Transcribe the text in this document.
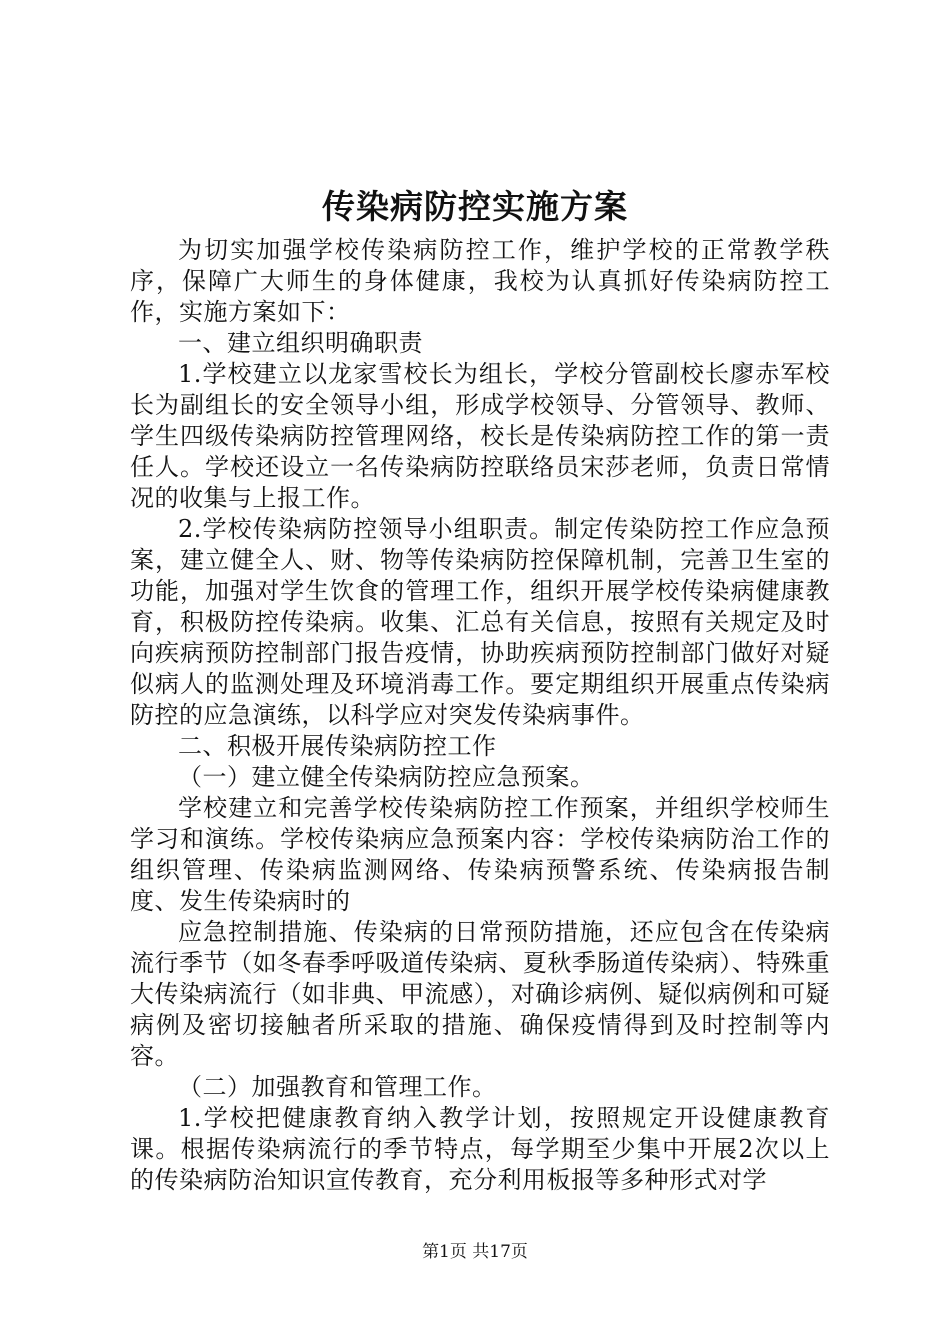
传染病防控实施方案

为切实加强学校传染病防控工作，维护学校的正常教学秩序，保障广大师生的身体健康，我校为认真抓好传染病防控工作，实施方案如下：

一、建立组织明确职责

1.学校建立以龙家雪校长为组长，学校分管副校长廖赤军校长为副组长的安全领导小组，形成学校领导、分管领导、教师、学生四级传染病防控管理网络，校长是传染病防控工作的第一责任人。学校还设立一名传染病防控联络员宋莎老师，负责日常情况的收集与上报工作。

2.学校传染病防控领导小组职责。制定传染防控工作应急预案，建立健全人、财、物等传染病防控保障机制，完善卫生室的功能，加强对学生饮食的管理工作，组织开展学校传染病健康教育，积极防控传染病。收集、汇总有关信息，按照有关规定及时向疾病预防控制部门报告疫情，协助疾病预防控制部门做好对疑似病人的监测处理及环境消毒工作。要定期组织开展重点传染病防控的应急演练，以科学应对突发传染病事件。

二、积极开展传染病防控工作

（一）建立健全传染病防控应急预案。

学校建立和完善学校传染病防控工作预案，并组织学校师生学习和演练。学校传染病应急预案内容：学校传染病防治工作的组织管理、传染病监测网络、传染病预警系统、传染病报告制度、发生传染病时的

应急控制措施、传染病的日常预防措施，还应包含在传染病流行季节（如冬春季呼吸道传染病、夏秋季肠道传染病）、特殊重大传染病流行（如非典、甲流感），对确诊病例、疑似病例和可疑病例及密切接触者所采取的措施、确保疫情得到及时控制等内容。

（二）加强教育和管理工作。

1.学校把健康教育纳入教学计划，按照规定开设健康教育课。根据传染病流行的季节特点，每学期至少集中开展2次以上的传染病防治知识宣传教育，充分利用板报等多种形式对学

第1页 共17页
